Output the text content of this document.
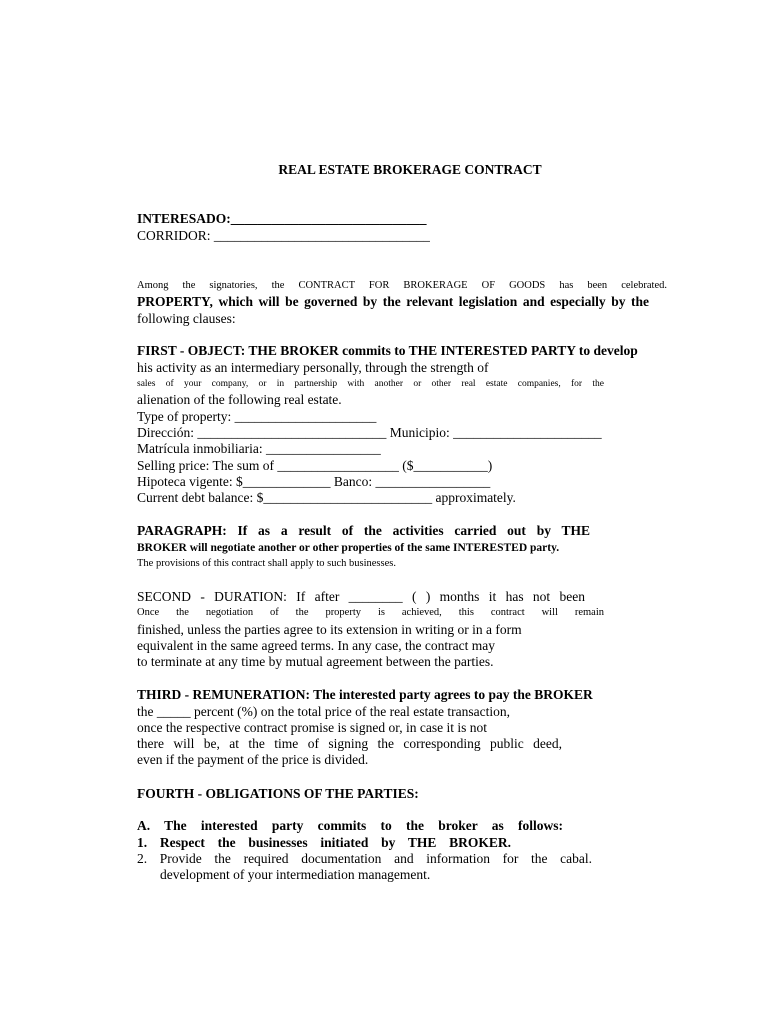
REAL ESTATE BROKERAGE CONTRACT
INTERESADO:_____________________________
CORRIDOR: ________________________________
Among the signatories, the CONTRACT FOR BROKERAGE OF GOODS has been celebrated.
PROPERTY, which will be governed by the relevant legislation and especially by the
following clauses:
FIRST - OBJECT: THE BROKER commits to THE INTERESTED PARTY to develop
his activity as an intermediary personally, through the strength of
sales of your company, or in partnership with another or other real estate companies, for the
alienation of the following real estate.
Type of property: _____________________
Dirección: ____________________________ Municipio: ______________________
Matrícula inmobiliaria: _________________
Selling price: The sum of __________________ ($___________)
Hipoteca vigente: $_____________ Banco: _________________
Current debt balance: $_________________________ approximately.
PARAGRAPH: If as a result of the activities carried out by THE
BROKER will negotiate another or other properties of the same INTERESTED party.
The provisions of this contract shall apply to such businesses.
SECOND - DURATION: If after ________ ( ) months it has not been
Once the negotiation of the property is achieved, this contract will remain
finished, unless the parties agree to its extension in writing or in a form
equivalent in the same agreed terms. In any case, the contract may
to terminate at any time by mutual agreement between the parties.
THIRD - REMUNERATION: The interested party agrees to pay the BROKER
the _____ percent (%) on the total price of the real estate transaction,
once the respective contract promise is signed or, in case it is not
there will be, at the time of signing the corresponding public deed,
even if the payment of the price is divided.
FOURTH - OBLIGATIONS OF THE PARTIES:
A. The interested party commits to the broker as follows:
1. Respect the businesses initiated by THE BROKER.
2. Provide the required documentation and information for the cabal.
development of your intermediation management.
